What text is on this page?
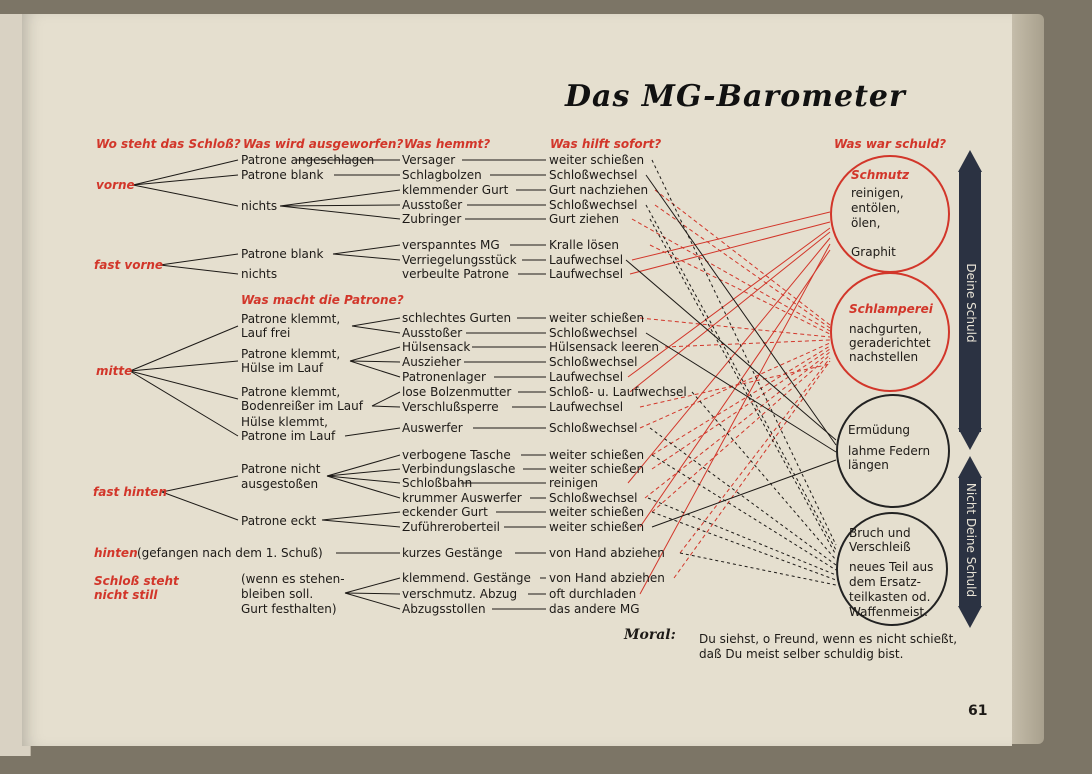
Das MG-Barometer
Wo steht das Schloß? Was wird ausgeworfen? Was hemmt?	Was hilft sofort?	Was war schuld?
Was macht die Patrone?
vorne
fast vorne
mitte
fast hinten
hinten (gefangen nach dem 1. Schuß)
Schloß steht
nicht still
Patrone angeschlagen
Patrone blank
nichts
Patrone blank
nichts
Patrone klemmt,
Lauf frei
Patrone klemmt,
Hülse im Lauf
Patrone klemmt,
Bodenreißer im Lauf
Hülse klemmt,
Patrone im Lauf
Patrone nicht
ausgestoßen
Patrone eckt
(wenn es stehen-
bleiben soll.
Gurt festhalten)
Versager
Schlagbolzen
klemmender Gurt
Ausstoßer
Zubringer
verspanntes MG
Verriegelungsstück
verbeulte Patrone
schlechtes Gurten
Ausstoßer
Hülsensack
Auszieher
Patronenlager
lose Bolzenmutter
Verschlußsperre
Auswerfer
verbogene Tasche
Verbindungslasche
Schloßbahn
krummer Auswerfer
eckender Gurt
Zuführeroberteil
kurzes Gestänge
klemmend. Gestänge
verschmutz. Abzug
Abzugsstollen
weiter schießen
Schloßwechsel
Gurt nachziehen
Schloßwechsel
Gurt ziehen
Kralle lösen
Laufwechsel
Laufwechsel
weiter schießen
Schloßwechsel
Hülsensack leeren
Schloßwechsel
Laufwechsel
Schloß- u. Laufwechsel
Laufwechsel
Schloßwechsel
weiter schießen
weiter schießen
reinigen
Schloßwechsel
weiter schießen
weiter schießen
von Hand abziehen
von Hand abziehen
oft durchladen
das andere MG
Schmutz
reinigen,
entölen,
ölen,
Graphit
Schlamperei
nachgurten,
geraderichtet
nachstellen
Ermüdung
lahme Federn
längen
Bruch und
Verschleiß
neues Teil aus
dem Ersatz-
teilkasten od.
Waffenmeist.
Deine Schuld
Nicht Deine Schuld
Moral: Du siehst, o Freund, wenn es nicht schießt,
daß Du meist selber schuldig bist.
61
